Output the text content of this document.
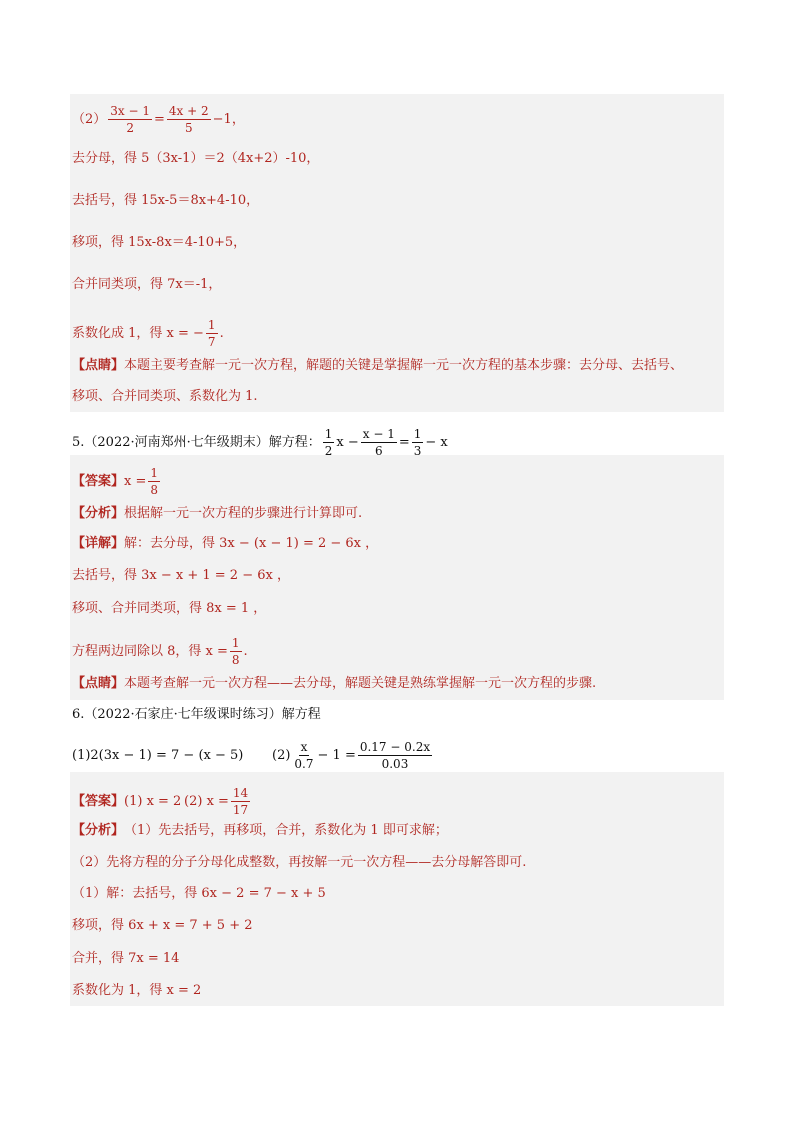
$(2) \frac{3x - 1}{2} = \frac{4x + 2}{5} -1$，
去分母，得 5（3x-1）＝2（4x+2）-10，
去括号，得 15x-5＝8x+4-10，
移项，得 15x-8x＝4-10+5，
合并同类项，得 7x＝-1，
系数化成 1，得 x = − $\frac{1}{7}$ .
【点睛】 本题主要考查解一元一次方程，解题的关键是掌握解一元一次方程的基本步骤：去分母、去括号、
移项、合并同类项、系数化为 1.
5.（2022·河南郑州·七年级期末）解方程： $\frac{1}{2}$ $x - \frac{x - 1}{6} = \frac{1}{3} - x$
【答案】 $x = \frac{1}{8}$
【分析】 根据解一元一次方程的步骤进行计算即可.
【详解】 解：去分母，得 3x − (x − 1) = 2 − 6x ，
去括号，得 3x − x + 1 = 2 − 6x ，
移项、合并同类项，得 8x = 1 ，
方程两边同除以 8，得 $x = \frac{1}{8}$ .
【点睛】 本题考查解一元一次方程——去分母，解题关键是熟练掌握解一元一次方程的步骤.
6.（2022·石家庄·七年级课时练习）解方程
(1)2(3x − 1) = 7 − (x − 5)	$(2) \frac{x}{0.7} - 1 = \frac{0.17 - 0.2x}{0.03}$
【答案】 (1) x = 2 (2) $x = \frac{14}{17}$
【分析】 （1）先去括号，再移项，合并，系数化为 1 即可求解；
（2）先将方程的分子分母化成整数，再按解一元一次方程——去分母解答即可.
（1）解：去括号，得 6x − 2 = 7 − x + 5
移项，得 6x + x = 7 + 5 + 2
合并，得 7x = 14
系数化为 1，得 x = 2
